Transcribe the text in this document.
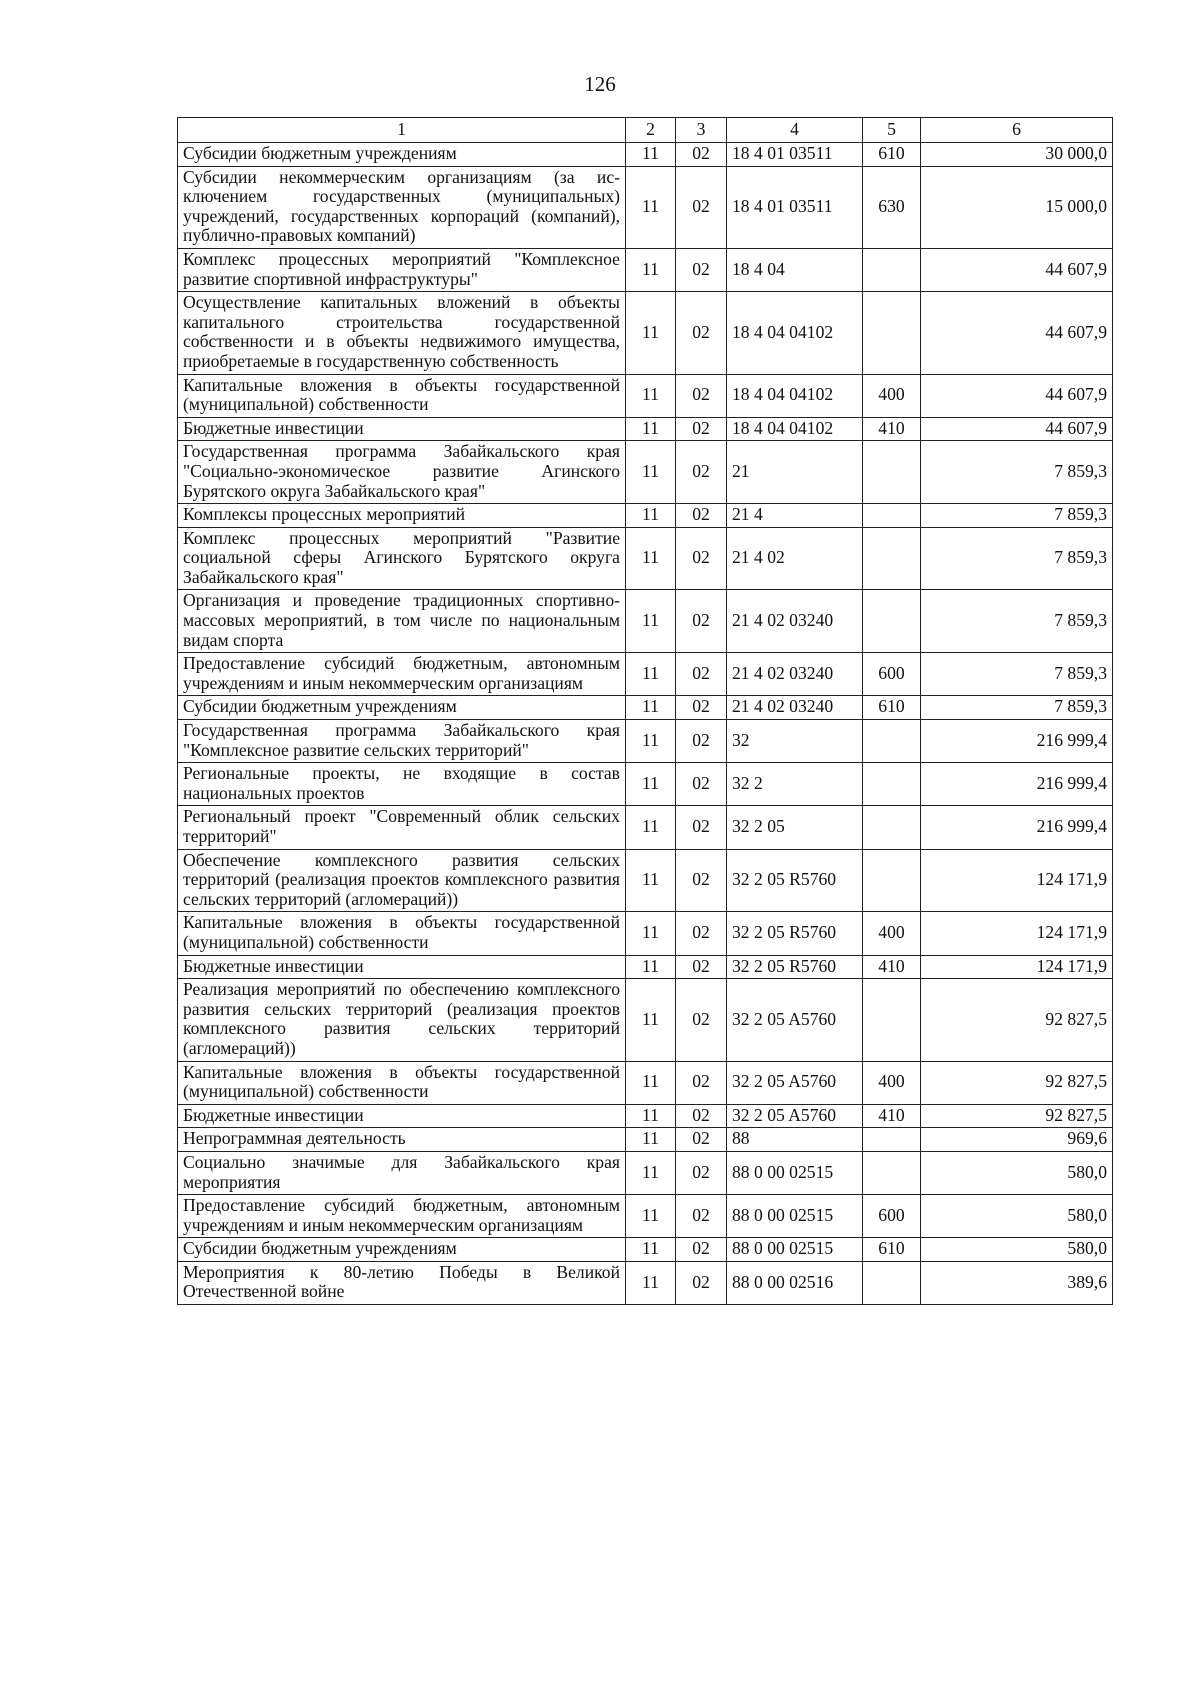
126
1	2	3	4	5	6
Субсидии бюджетным учреждениям	11	02	18 4 01 03511	610	30 000,0
Субсидии некоммерческим организациям (за исключением государственных (муниципальных) учреждений, государственных корпораций (компаний), публично-правовых компаний)	11	02	18 4 01 03511	630	15 000,0
Комплекс процессных мероприятий "Комплексное развитие спортивной инфраструктуры"	11	02	18 4 04		44 607,9
Осуществление капитальных вложений в объекты капитального строительства государственной собственности и в объекты недвижимого имущества, приобретаемые в государственную собственность	11	02	18 4 04 04102		44 607,9
Капитальные вложения в объекты государственной (муниципальной) собственности	11	02	18 4 04 04102	400	44 607,9
Бюджетные инвестиции	11	02	18 4 04 04102	410	44 607,9
Государственная программа Забайкальского края "Социально-экономическое развитие Агинского Бурятского округа Забайкальского края"	11	02	21		7 859,3
Комплексы процессных мероприятий	11	02	21 4		7 859,3
Комплекс процессных мероприятий "Развитие социальной сферы Агинского Бурятского округа Забайкальского края"	11	02	21 4 02		7 859,3
Организация и проведение традиционных спортивно-массовых мероприятий, в том числе по национальным видам спорта	11	02	21 4 02 03240		7 859,3
Предоставление субсидий бюджетным, автономным учреждениям и иным некоммерческим организациям	11	02	21 4 02 03240	600	7 859,3
Субсидии бюджетным учреждениям	11	02	21 4 02 03240	610	7 859,3
Государственная программа Забайкальского края "Комплексное развитие сельских территорий"	11	02	32		216 999,4
Региональные проекты, не входящие в состав национальных проектов	11	02	32 2		216 999,4
Региональный проект "Современный облик сельских территорий"	11	02	32 2 05		216 999,4
Обеспечение комплексного развития сельских территорий (реализация проектов комплексного развития сельских территорий (агломераций))	11	02	32 2 05 R5760		124 171,9
Капитальные вложения в объекты государственной (муниципальной) собственности	11	02	32 2 05 R5760	400	124 171,9
Бюджетные инвестиции	11	02	32 2 05 R5760	410	124 171,9
Реализация мероприятий по обеспечению комплексного развития сельских территорий (реализация проектов комплексного развития сельских территорий (агломераций))	11	02	32 2 05 A5760		92 827,5
Капитальные вложения в объекты государственной (муниципальной) собственности	11	02	32 2 05 A5760	400	92 827,5
Бюджетные инвестиции	11	02	32 2 05 A5760	410	92 827,5
Непрограммная деятельность	11	02	88		969,6
Социально значимые для Забайкальского края мероприятия	11	02	88 0 00 02515		580,0
Предоставление субсидий бюджетным, автономным учреждениям и иным некоммерческим организациям	11	02	88 0 00 02515	600	580,0
Субсидии бюджетным учреждениям	11	02	88 0 00 02515	610	580,0
Мероприятия к 80-летию Победы в Великой Отечественной войне	11	02	88 0 00 02516		389,6
